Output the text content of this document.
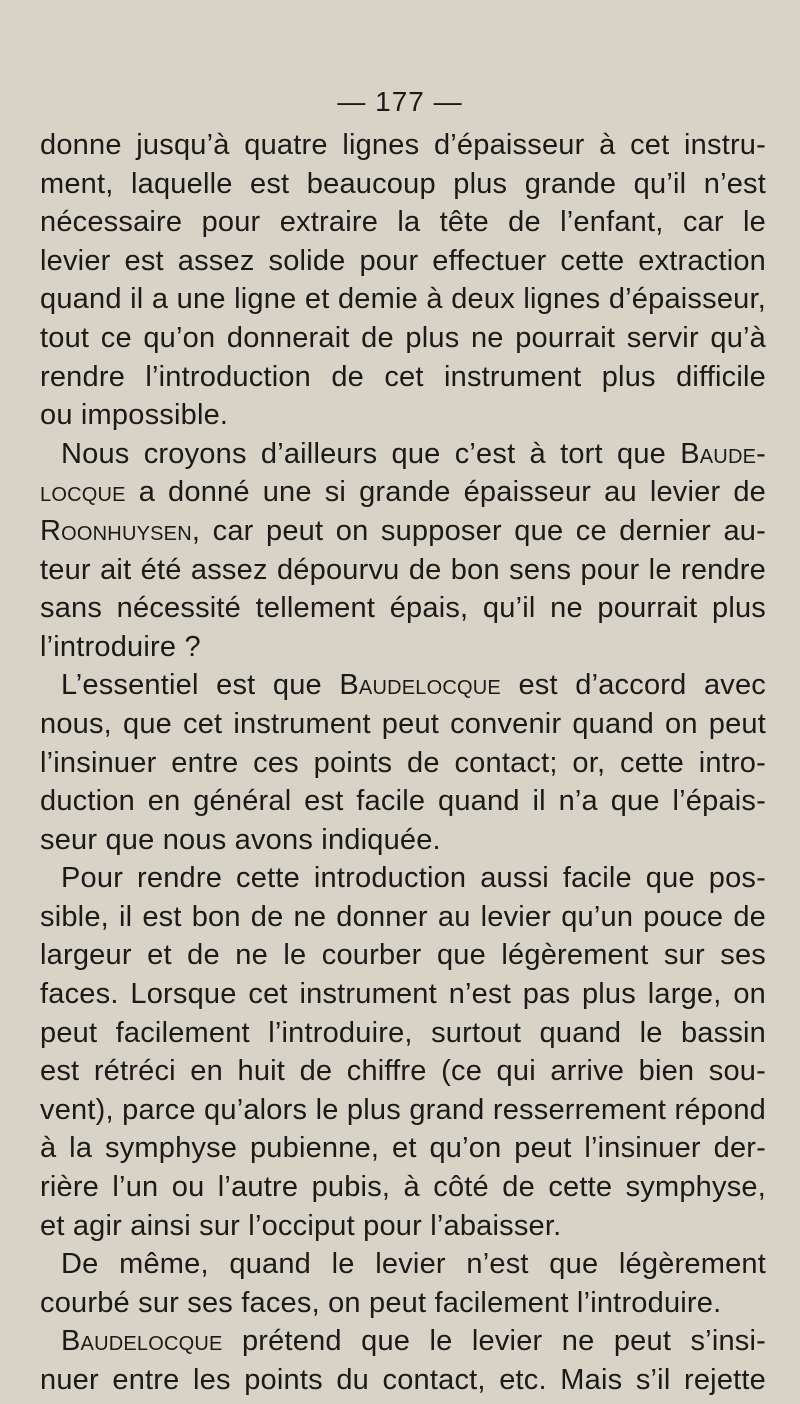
— 177 —
donne jusqu’à quatre lignes d’épaisseur à cet instru-
ment, laquelle est beaucoup plus grande qu’il n’est
nécessaire pour extraire la tête de l’enfant, car le
levier est assez solide pour effectuer cette extraction
quand il a une ligne et demie à deux lignes d’épaisseur,
tout ce qu’on donnerait de plus ne pourrait servir qu’à
rendre l’introduction de cet instrument plus difficile
ou impossible.
Nous croyons d’ailleurs que c’est à tort que Baude-
locque a donné une si grande épaisseur au levier de
Roonhuysen, car peut on supposer que ce dernier au-
teur ait été assez dépourvu de bon sens pour le rendre
sans nécessité tellement épais, qu’il ne pourrait plus
l’introduire ?
L’essentiel est que Baudelocque est d’accord avec
nous, que cet instrument peut convenir quand on peut
l’insinuer entre ces points de contact; or, cette intro-
duction en général est facile quand il n’a que l’épais-
seur que nous avons indiquée.
Pour rendre cette introduction aussi facile que pos-
sible, il est bon de ne donner au levier qu’un pouce de
largeur et de ne le courber que légèrement sur ses
faces. Lorsque cet instrument n’est pas plus large, on
peut facilement l’introduire, surtout quand le bassin
est rétréci en huit de chiffre (ce qui arrive bien sou-
vent), parce qu’alors le plus grand resserrement répond
à la symphyse pubienne, et qu’on peut l’insinuer der-
rière l’un ou l’autre pubis, à côté de cette symphyse,
et agir ainsi sur l’occiput pour l’abaisser.
De même, quand le levier n’est que légèrement
courbé sur ses faces, on peut facilement l’introduire.
Baudelocque prétend que le levier ne peut s’insi-
nuer entre les points du contact, etc. Mais s’il rejette
